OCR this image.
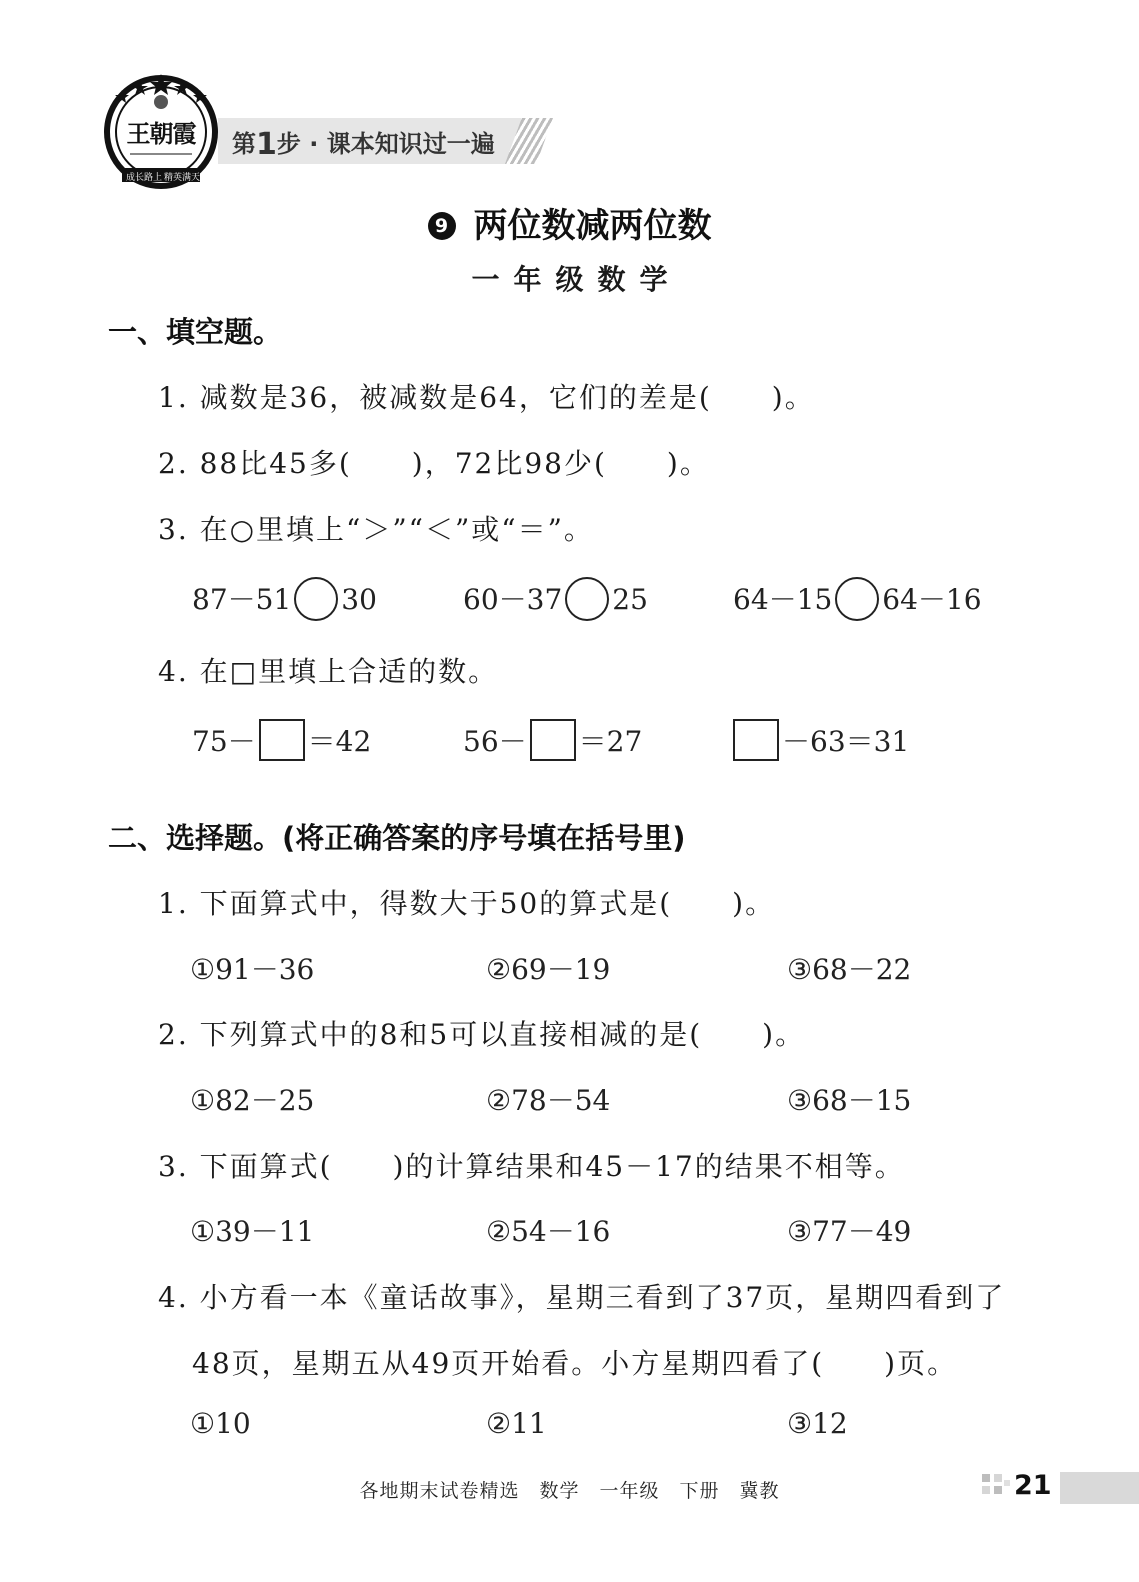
王朝霞
成长路上 精英满天
第1步 · 课本知识过一遍
9 两位数减两位数
一年级数学
一、填空题。
1. 减数是36，被减数是64，它们的差是(　　)。
2. 88比45多(　　)，72比98少(　　)。
3. 在○里填上“＞”“＜”或“＝”。
87－51 30	60－37 25	64－15 64－16
4. 在□里填上合适的数。
75－ ＝42	56－ ＝27	－63＝31
二、选择题。(将正确答案的序号填在括号里)
1. 下面算式中，得数大于50的算式是(　　)。
①91－36	②69－19	③68－22
2. 下列算式中的8和5可以直接相减的是(　　)。
①82－25	②78－54	③68－15
3. 下面算式(　　)的计算结果和45－17的结果不相等。
①39－11	②54－16	③77－49
4. 小方看一本《童话故事》，星期三看到了37页，星期四看到了
48页，星期五从49页开始看。小方星期四看了(　　)页。
①10	②11	③12
各地期末试卷精选　数学　一年级　下册　冀教	21
